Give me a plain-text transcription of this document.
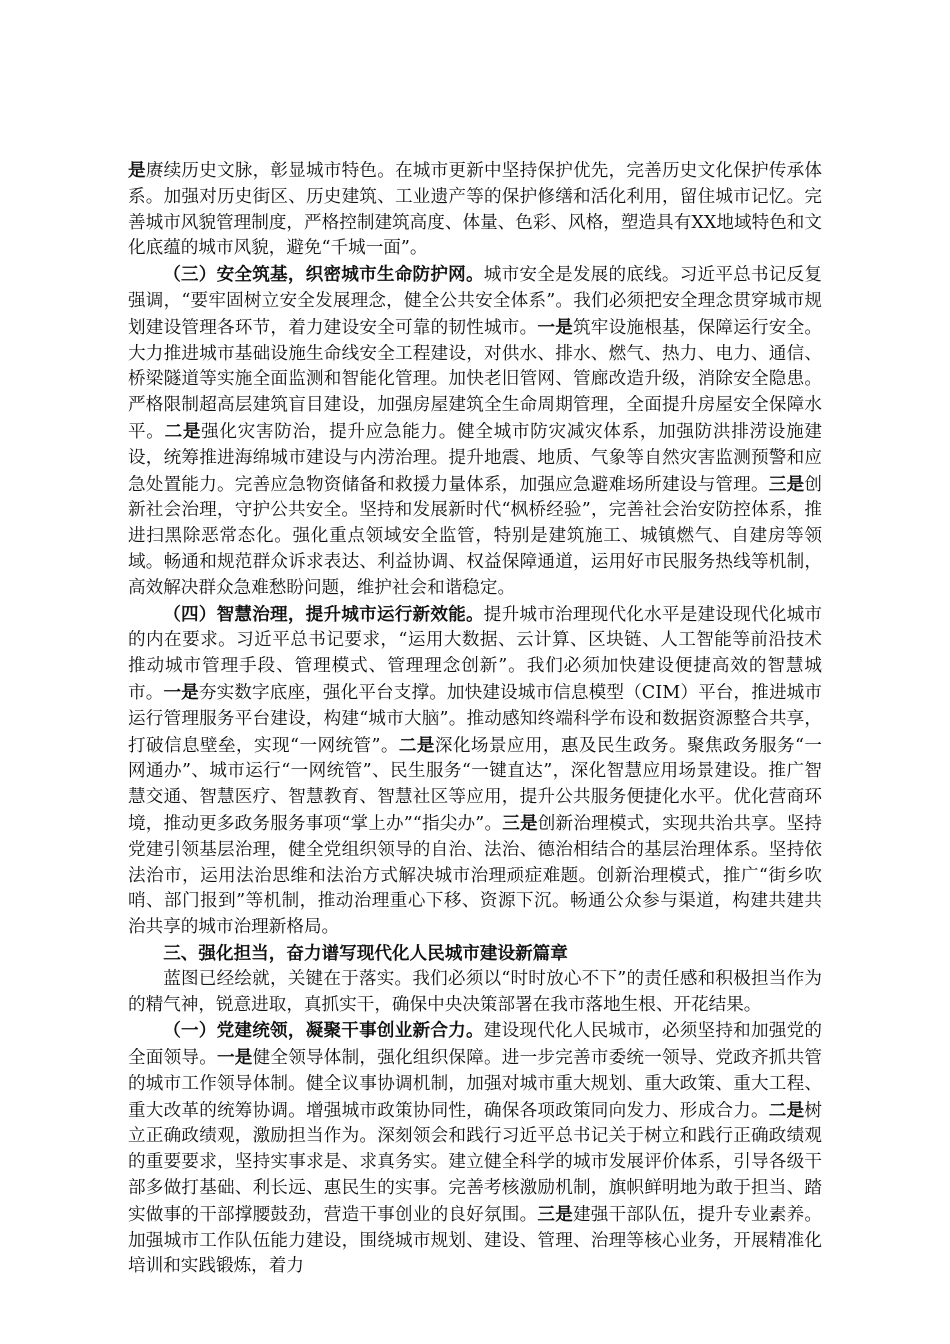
是赓续历史文脉，彰显城市特色。在城市更新中坚持保护优先，完善历史文化保护传承体系。加强对历史街区、历史建筑、工业遗产等的保护修缮和活化利用，留住城市记忆。完善城市风貌管理制度，严格控制建筑高度、体量、色彩、风格，塑造具有XX地域特色和文化底蕴的城市风貌，避免“千城一面”。

（三）安全筑基，织密城市生命防护网。城市安全是发展的底线。习近平总书记反复强调，“要牢固树立安全发展理念，健全公共安全体系”。我们必须把安全理念贯穿城市规划建设管理各环节，着力建设安全可靠的韧性城市。一是筑牢设施根基，保障运行安全。大力推进城市基础设施生命线安全工程建设，对供水、排水、燃气、热力、电力、通信、桥梁隧道等实施全面监测和智能化管理。加快老旧管网、管廊改造升级，消除安全隐患。严格限制超高层建筑盲目建设，加强房屋建筑全生命周期管理，全面提升房屋安全保障水平。二是强化灾害防治，提升应急能力。健全城市防灾减灾体系，加强防洪排涝设施建设，统筹推进海绵城市建设与内涝治理。提升地震、地质、气象等自然灾害监测预警和应急处置能力。完善应急物资储备和救援力量体系，加强应急避难场所建设与管理。三是创新社会治理，守护公共安全。坚持和发展新时代“枫桥经验”，完善社会治安防控体系，推进扫黑除恶常态化。强化重点领域安全监管，特别是建筑施工、城镇燃气、自建房等领域。畅通和规范群众诉求表达、利益协调、权益保障通道，运用好市民服务热线等机制，高效解决群众急难愁盼问题，维护社会和谐稳定。

（四）智慧治理，提升城市运行新效能。提升城市治理现代化水平是建设现代化城市的内在要求。习近平总书记要求，“运用大数据、云计算、区块链、人工智能等前沿技术推动城市管理手段、管理模式、管理理念创新”。我们必须加快建设便捷高效的智慧城市。一是夯实数字底座，强化平台支撑。加快建设城市信息模型（CIM）平台，推进城市运行管理服务平台建设，构建“城市大脑”。推动感知终端科学布设和数据资源整合共享，打破信息壁垒，实现“一网统管”。二是深化场景应用，惠及民生政务。聚焦政务服务“一网通办”、城市运行“一网统管”、民生服务“一键直达”，深化智慧应用场景建设。推广智慧交通、智慧医疗、智慧教育、智慧社区等应用，提升公共服务便捷化水平。优化营商环境，推动更多政务服务事项“掌上办”“指尖办”。三是创新治理模式，实现共治共享。坚持党建引领基层治理，健全党组织领导的自治、法治、德治相结合的基层治理体系。坚持依法治市，运用法治思维和法治方式解决城市治理顽症难题。创新治理模式，推广“街乡吹哨、部门报到”等机制，推动治理重心下移、资源下沉。畅通公众参与渠道，构建共建共治共享的城市治理新格局。

三、强化担当，奋力谱写现代化人民城市建设新篇章

蓝图已经绘就，关键在于落实。我们必须以“时时放心不下”的责任感和积极担当作为的精气神，锐意进取，真抓实干，确保中央决策部署在我市落地生根、开花结果。

（一）党建统领，凝聚干事创业新合力。建设现代化人民城市，必须坚持和加强党的全面领导。一是健全领导体制，强化组织保障。进一步完善市委统一领导、党政齐抓共管的城市工作领导体制。健全议事协调机制，加强对城市重大规划、重大政策、重大工程、重大改革的统筹协调。增强城市政策协同性，确保各项政策同向发力、形成合力。二是树立正确政绩观，激励担当作为。深刻领会和践行习近平总书记关于树立和践行正确政绩观的重要要求，坚持实事求是、求真务实。建立健全科学的城市发展评价体系，引导各级干部多做打基础、利长远、惠民生的实事。完善考核激励机制，旗帜鲜明地为敢于担当、踏实做事的干部撑腰鼓劲，营造干事创业的良好氛围。三是建强干部队伍，提升专业素养。加强城市工作队伍能力建设，围绕城市规划、建设、管理、治理等核心业务，开展精准化培训和实践锻炼，着力
